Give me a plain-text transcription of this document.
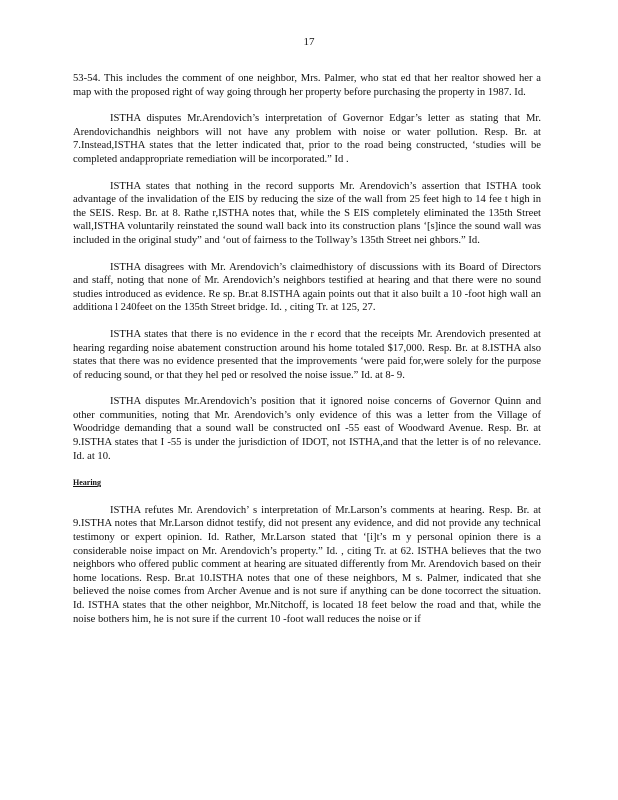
17

53-54. This includes the comment of one neighbor, Mrs. Palmer, who stat ed that her realtor showed her a map with the proposed right of way going through her property before purchasing the property in 1987. Id.

ISTHA disputes Mr.Arendovich’s interpretation of Governor Edgar’s letter as stating that Mr. Arendovichandhis neighbors will not have any problem with noise or water pollution. Resp. Br. at 7.Instead,ISTHA states that the letter indicated that, prior to the road being constructed, ‘studies will be completed andappropriate remediation will be incorporated.” Id .

ISTHA states that nothing in the record supports Mr. Arendovich’s assertion that ISTHA took advantage of the invalidation of the EIS by reducing the size of the wall from 25 feet high to 14 fee t high in the SEIS. Resp. Br. at 8. Rathe r,ISTHA notes that, while the S EIS completely eliminated the 135th Street wall,ISTHA voluntarily reinstated the sound wall back into its construction plans ‘[s]ince the sound wall was included in the original study” and ‘out of fairness to the Tollway’s 135th Street nei ghbors.” Id.

ISTHA disagrees with Mr. Arendovich’s claimedhistory of discussions with its Board of Directors and staff, noting that none of Mr. Arendovich’s neighbors testified at hearing and that there were no sound studies introduced as evidence. Re sp. Br.at 8.ISTHA again points out that it also built a 10 -foot high wall an additiona l 240feet on the 135th Street bridge. Id. , citing Tr. at 125, 27.

ISTHA states that there is no evidence in the r ecord that the receipts Mr. Arendovich presented at hearing regarding noise abatement construction around his home totaled $17,000. Resp. Br. at 8.ISTHA also states that there was no evidence presented that the improvements ‘were paid for,were solely for the purpose of reducing sound, or that they hel ped or resolved the noise issue.” Id. at 8- 9.

ISTHA disputes Mr.Arendovich’s position that it ignored noise concerns of Governor Quinn and other communities, noting that Mr. Arendovich’s only evidence of this was a letter from the Village of Woodridge demanding that a sound wall be constructed onI -55 east of Woodward Avenue. Resp. Br. at 9.ISTHA states that I -55 is under the jurisdiction of IDOT, not ISTHA,and that the letter is of no relevance. Id. at 10.

Hearing

ISTHA refutes Mr. Arendovich’ s interpretation of Mr.Larson’s comments at hearing. Resp. Br. at 9.ISTHA notes that Mr.Larson didnot testify, did not present any evidence, and did not provide any technical testimony or expert opinion. Id. Rather, Mr.Larson stated that ‘[i]t’s m y personal opinion there is a considerable noise impact on Mr. Arendovich’s property.” Id. , citing Tr. at 62. ISTHA believes that the two neighbors who offered public comment at hearing are situated differently from Mr. Arendovich based on their home locations. Resp. Br.at 10.ISTHA notes that one of these neighbors, M s. Palmer, indicated that she believed the noise comes from Archer Avenue and is not sure if anything can be done tocorrect the situation. Id. ISTHA states that the other neighbor, Mr.Nitchoff, is located 18 feet below the road and that, while the noise bothers him, he is not sure if the current 10 -foot wall reduces the noise or if
